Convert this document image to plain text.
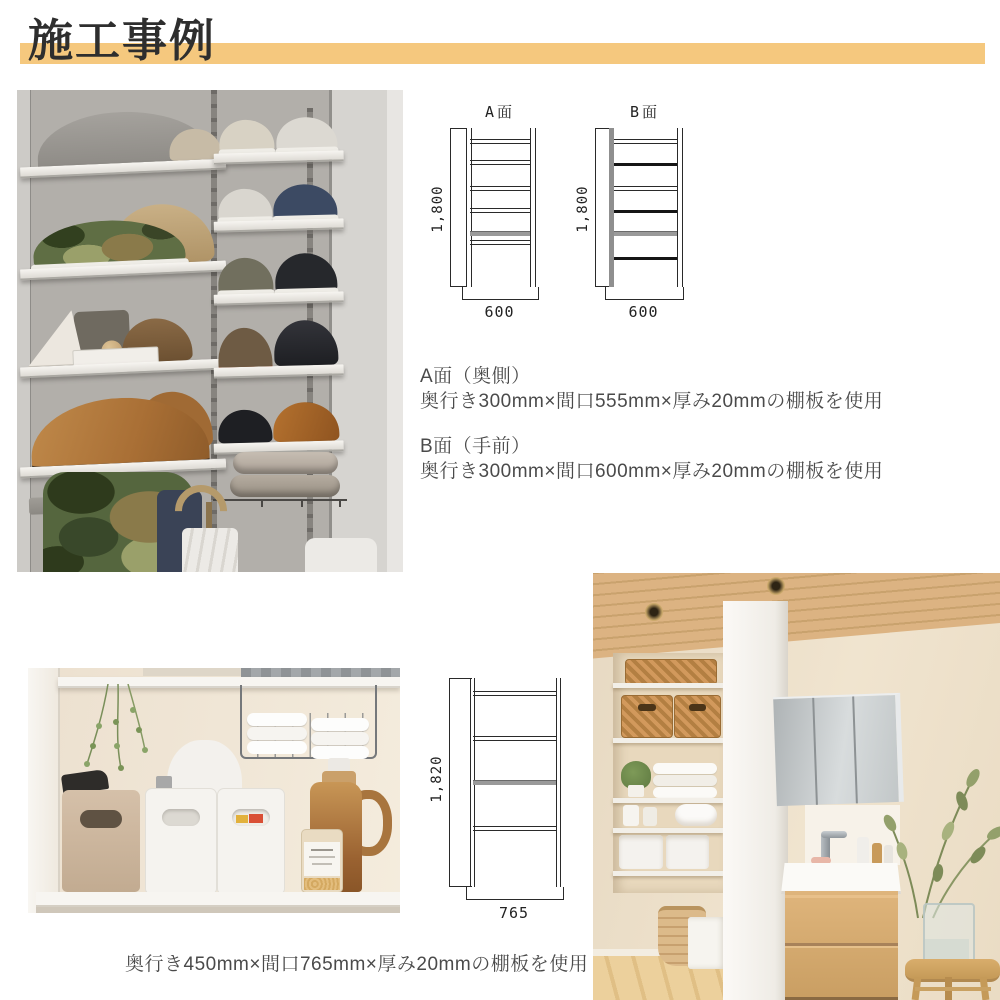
施工事例
A面
1,800
600
B面
1,800
600
A面（奥側）
奥行き300mm×間口555mm×厚み20mmの棚板を使用
B面（手前）
奥行き300mm×間口600mm×厚み20mmの棚板を使用
1,820
765
奥行き450mm×間口765mm×厚み20mmの棚板を使用
